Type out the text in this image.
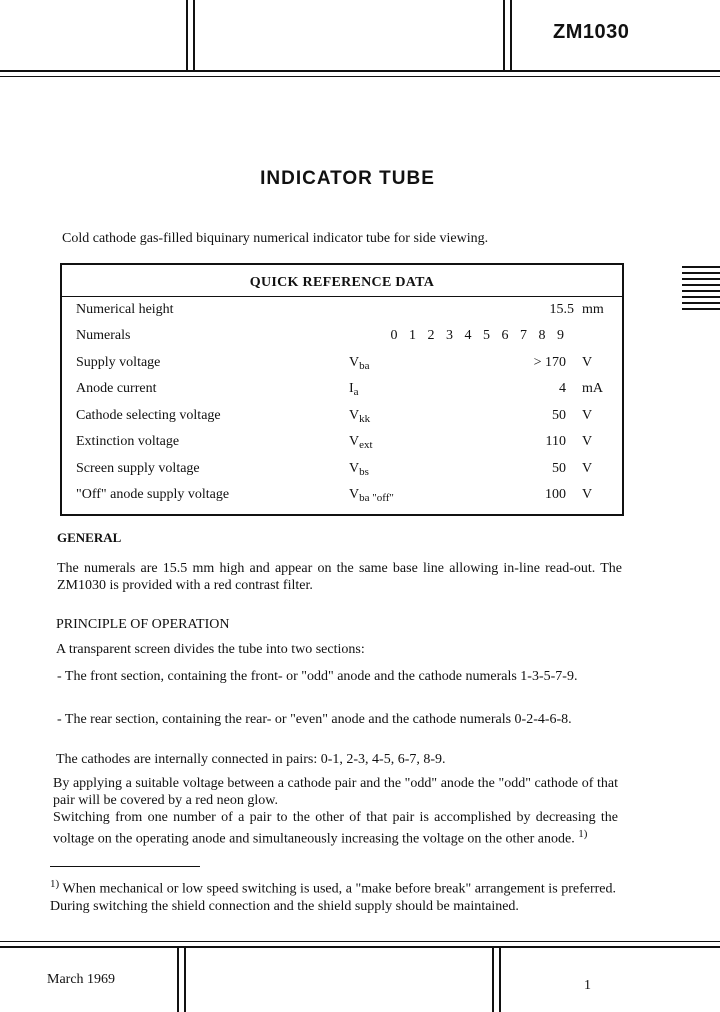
ZM1030
INDICATOR TUBE
Cold cathode gas-filled biquinary numerical indicator tube for side viewing.
QUICK REFERENCE DATA
Numerical height	15.5 mm
Numerals	0 1 2 3 4 5 6 7 8 9
Supply voltage	$V_{ba}$	> 170 V
Anode current	$I_a$	4 mA
Cathode selecting voltage	$V_{kk}$	50 V
Extinction voltage	$V_{ext}$	110 V
Screen supply voltage	$V_{bs}$	50 V
"Off" anode supply voltage	$V_{ba "off"}$	100 V
GENERAL
The numerals are 15.5 mm high and appear on the same base line allowing in-line read-out. The ZM1030 is provided with a red contrast filter.
PRINCIPLE OF OPERATION
A transparent screen divides the tube into two sections:
- The front section, containing the front- or "odd" anode and the cathode numerals 1-3-5-7-9.
- The rear section, containing the rear- or "even" anode and the cathode numerals 0-2-4-6-8.
The cathodes are internally connected in pairs: 0-1, 2-3, 4-5, 6-7, 8-9.
By applying a suitable voltage between a cathode pair and the "odd" anode the "odd" cathode of that pair will be covered by a red neon glow.
Switching from one number of a pair to the other of that pair is accomplished by decreasing the voltage on the operating anode and simultaneously increasing the voltage on the other anode. $^{1)}$
$^{1)}$ When mechanical or low speed switching is used, a "make before break" arrangement is preferred. During switching the shield connection and the shield supply should be maintained.
March 1969	1
